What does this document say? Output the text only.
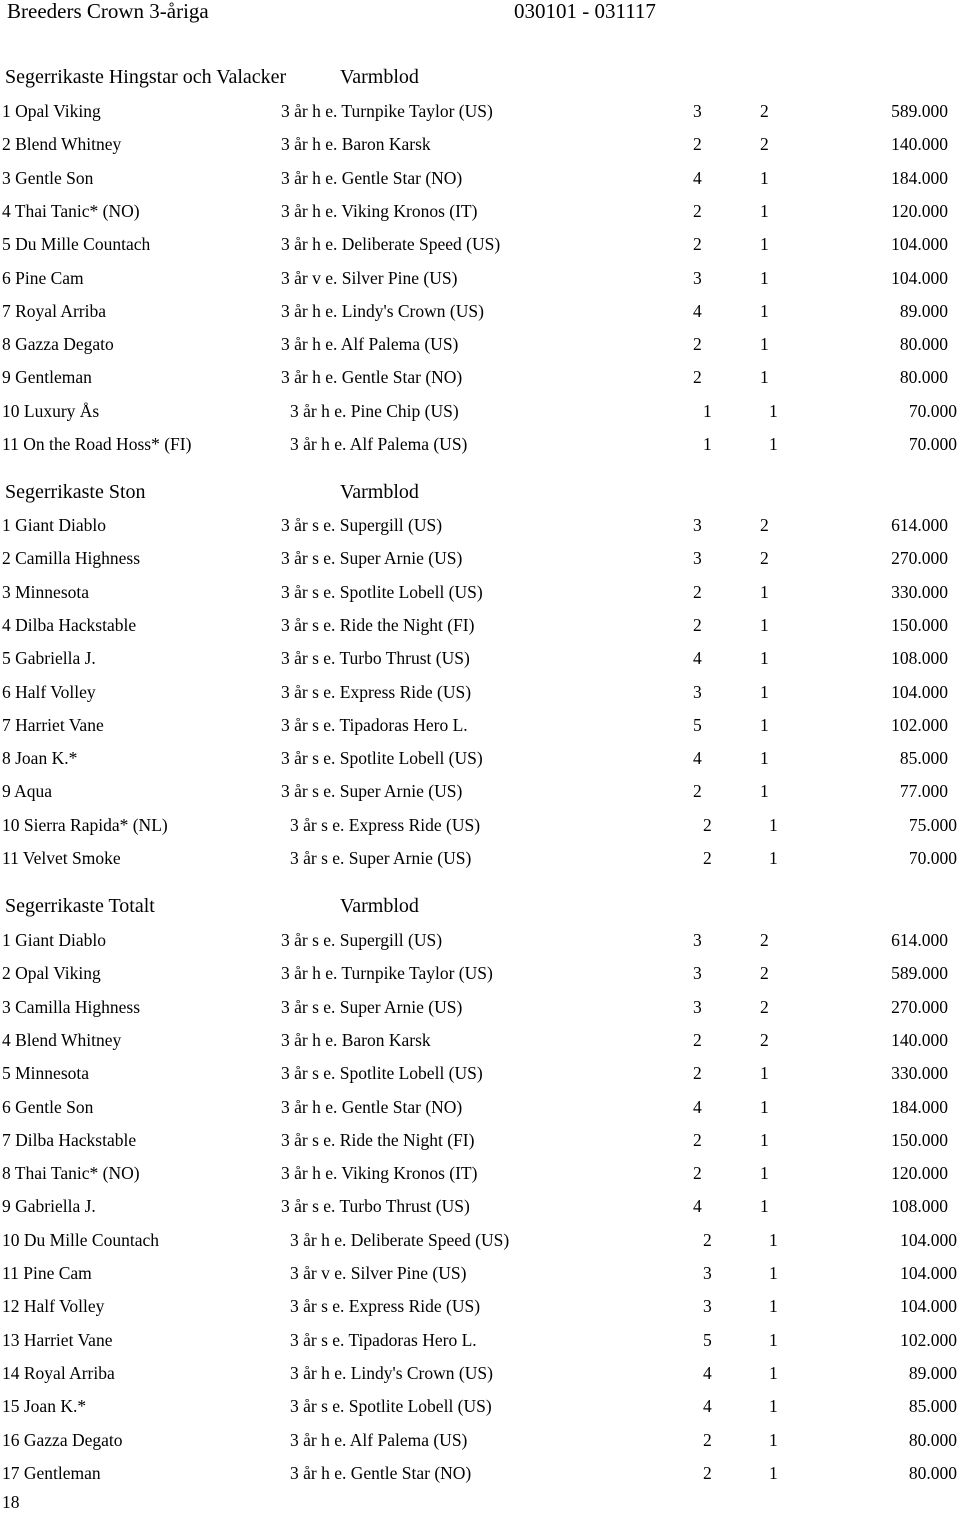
Breeders Crown 3-åriga	030101 - 031117
Segerrikaste Hingstar och Valacker	Varmblod
1 Opal Viking	3 år h e. Turnpike Taylor (US)	3	2	589.000
2 Blend Whitney	3 år h e. Baron Karsk	2	2	140.000
3 Gentle Son	3 år h e. Gentle Star (NO)	4	1	184.000
4 Thai Tanic* (NO)	3 år h e. Viking Kronos (IT)	2	1	120.000
5 Du Mille Countach	3 år h e. Deliberate Speed (US)	2	1	104.000
6 Pine Cam	3 år v e. Silver Pine (US)	3	1	104.000
7 Royal Arriba	3 år h e. Lindy's Crown (US)	4	1	89.000
8 Gazza Degato	3 år h e. Alf Palema (US)	2	1	80.000
9 Gentleman	3 år h e. Gentle Star (NO)	2	1	80.000
10 Luxury Ås	3 år h e. Pine Chip (US)	1	1	70.000
11 On the Road Hoss* (FI)	3 år h e. Alf Palema (US)	1	1	70.000
Segerrikaste Ston	Varmblod
1 Giant Diablo	3 år s e. Supergill (US)	3	2	614.000
2 Camilla Highness	3 år s e. Super Arnie (US)	3	2	270.000
3 Minnesota	3 år s e. Spotlite Lobell (US)	2	1	330.000
4 Dilba Hackstable	3 år s e. Ride the Night (FI)	2	1	150.000
5 Gabriella J.	3 år s e. Turbo Thrust (US)	4	1	108.000
6 Half Volley	3 år s e. Express Ride (US)	3	1	104.000
7 Harriet Vane	3 år s e. Tipadoras Hero L.	5	1	102.000
8 Joan K.*	3 år s e. Spotlite Lobell (US)	4	1	85.000
9 Aqua	3 år s e. Super Arnie (US)	2	1	77.000
10 Sierra Rapida* (NL)	3 år s e. Express Ride (US)	2	1	75.000
11 Velvet Smoke	3 år s e. Super Arnie (US)	2	1	70.000
Segerrikaste Totalt	Varmblod
1 Giant Diablo	3 år s e. Supergill (US)	3	2	614.000
2 Opal Viking	3 år h e. Turnpike Taylor (US)	3	2	589.000
3 Camilla Highness	3 år s e. Super Arnie (US)	3	2	270.000
4 Blend Whitney	3 år h e. Baron Karsk	2	2	140.000
5 Minnesota	3 år s e. Spotlite Lobell (US)	2	1	330.000
6 Gentle Son	3 år h e. Gentle Star (NO)	4	1	184.000
7 Dilba Hackstable	3 år s e. Ride the Night (FI)	2	1	150.000
8 Thai Tanic* (NO)	3 år h e. Viking Kronos (IT)	2	1	120.000
9 Gabriella J.	3 år s e. Turbo Thrust (US)	4	1	108.000
10 Du Mille Countach	3 år h e. Deliberate Speed (US)	2	1	104.000
11 Pine Cam	3 år v e. Silver Pine (US)	3	1	104.000
12 Half Volley	3 år s e. Express Ride (US)	3	1	104.000
13 Harriet Vane	3 år s e. Tipadoras Hero L.	5	1	102.000
14 Royal Arriba	3 år h e. Lindy's Crown (US)	4	1	89.000
15 Joan K.*	3 år s e. Spotlite Lobell (US)	4	1	85.000
16 Gazza Degato	3 år h e. Alf Palema (US)	2	1	80.000
17 Gentleman	3 år h e. Gentle Star (NO)	2	1	80.000
18
